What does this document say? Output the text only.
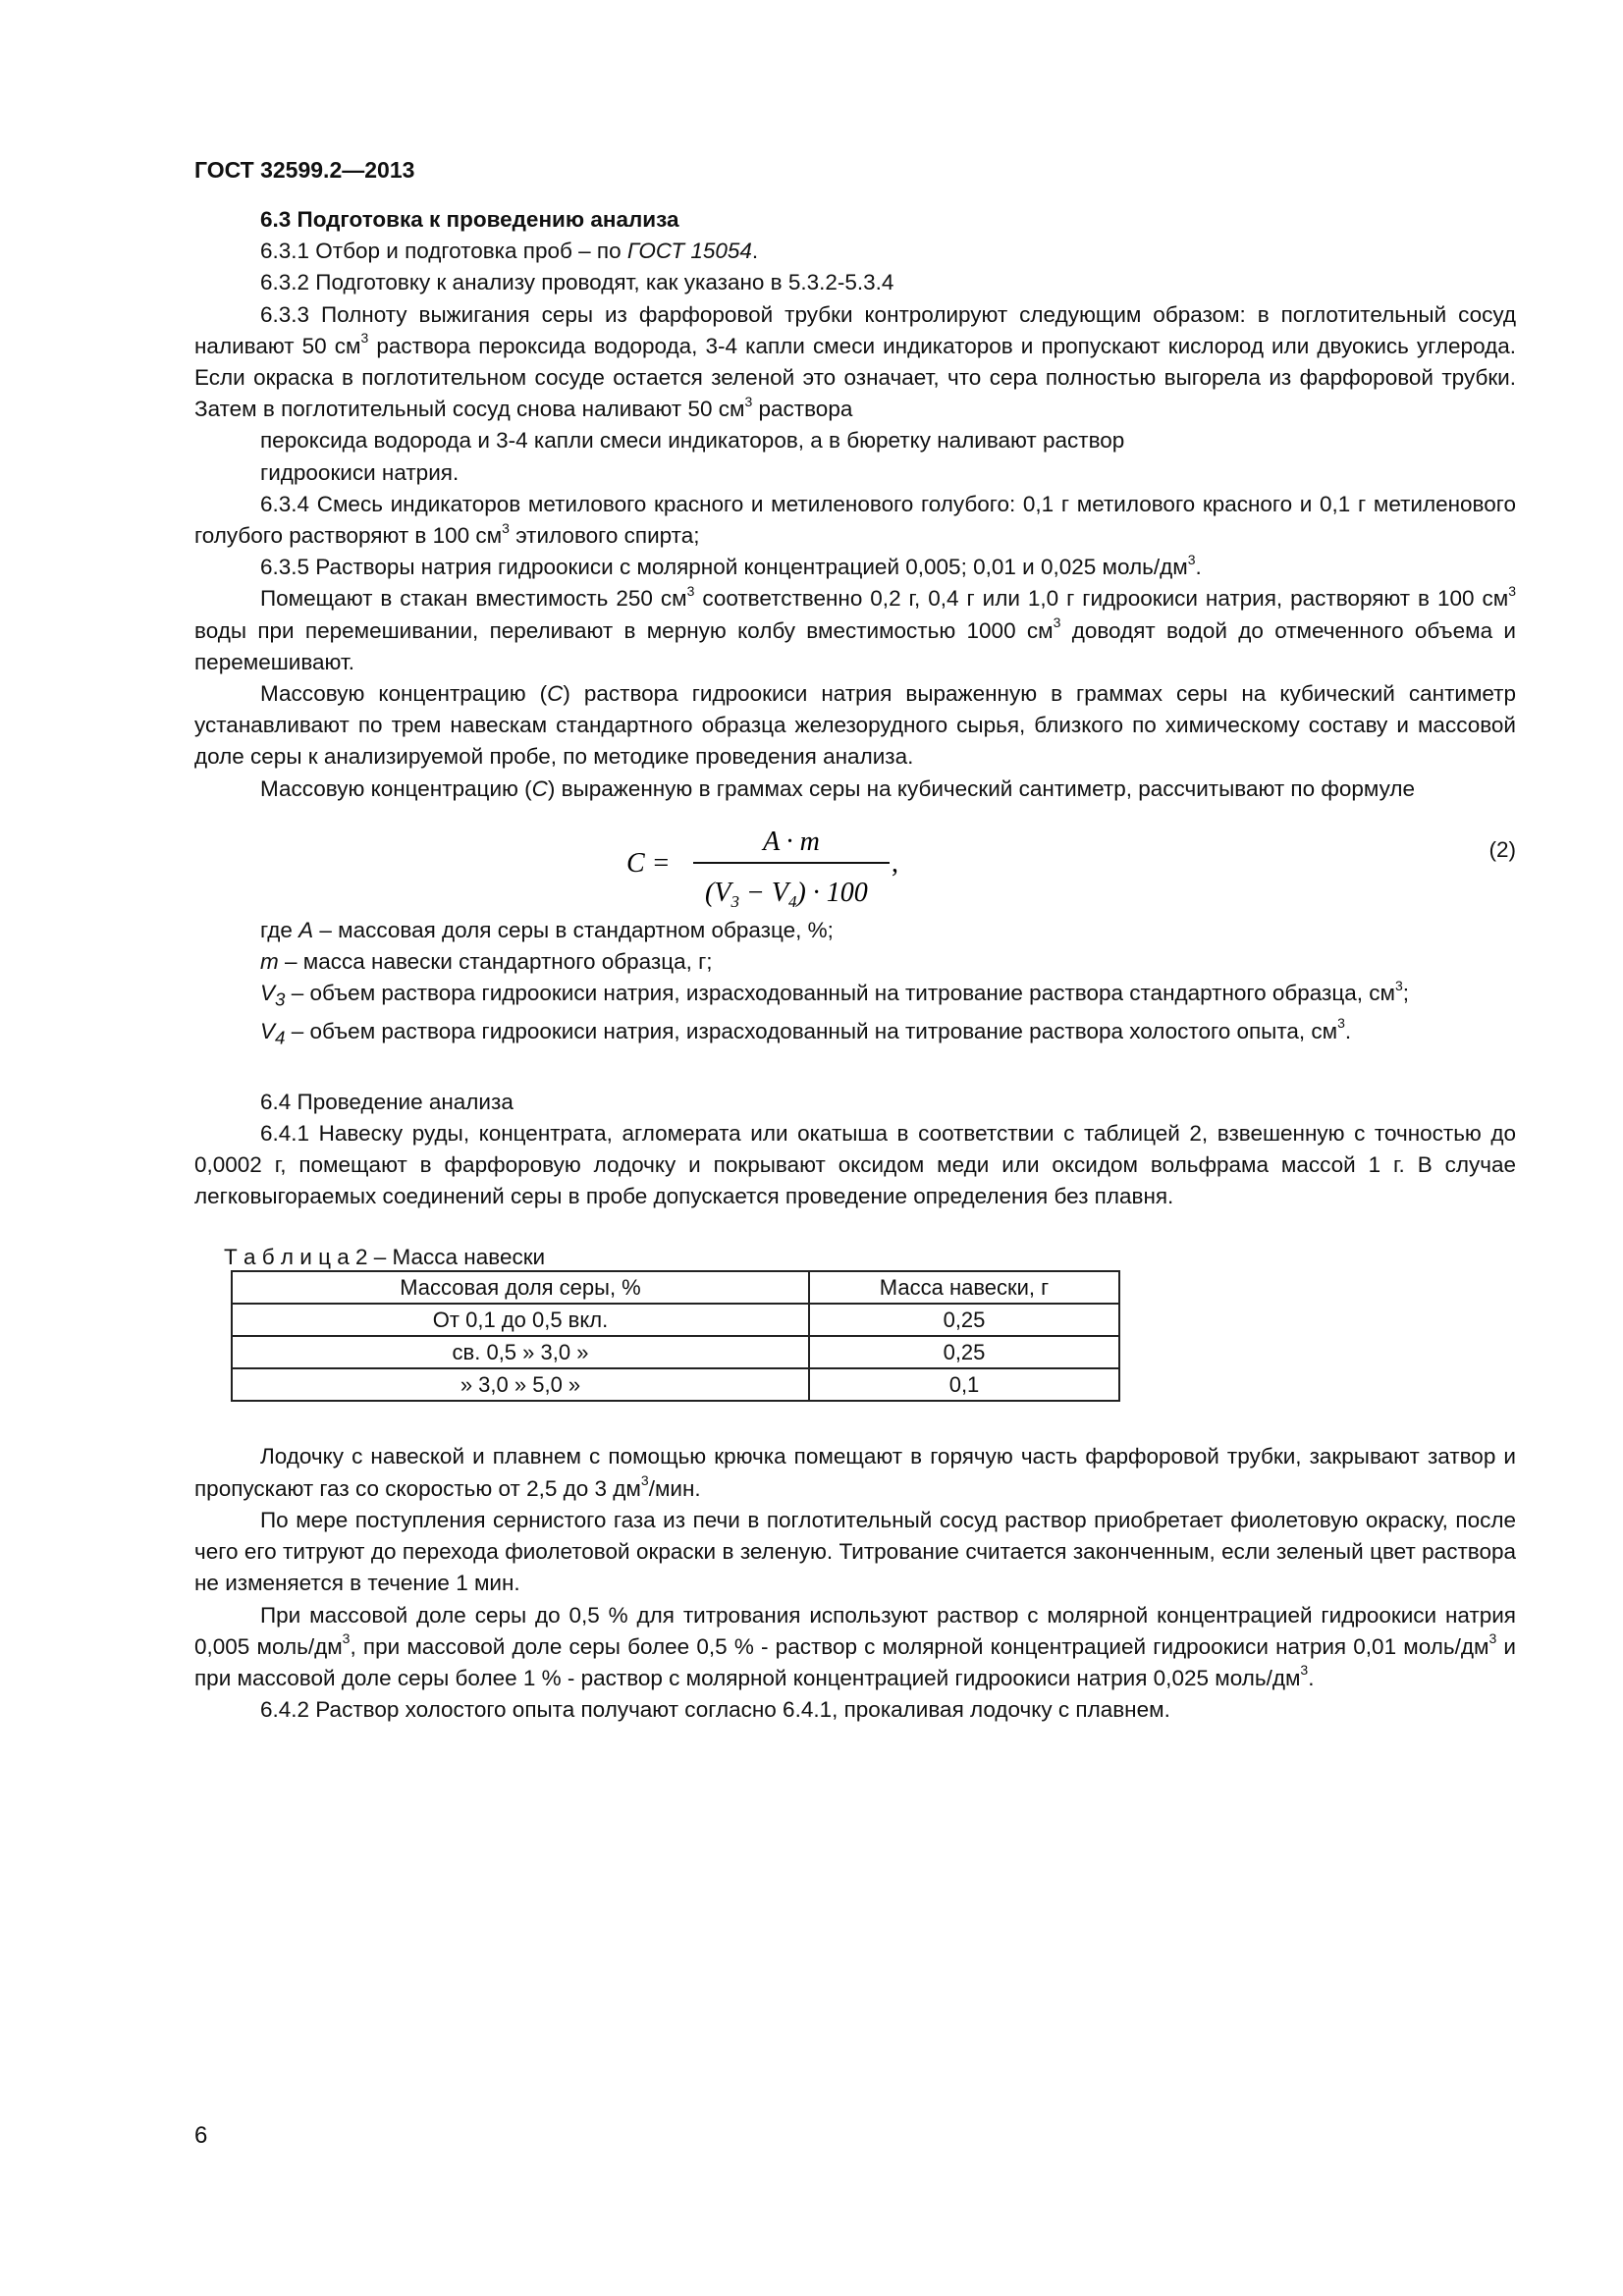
ГОСТ 32599.2—2013

6.3 Подготовка к проведению анализа

6.3.1 Отбор и подготовка проб – по ГОСТ 15054.

6.3.2 Подготовку к анализу проводят, как указано в 5.3.2-5.3.4

6.3.3 Полноту выжигания серы из фарфоровой трубки контролируют следующим образом: в поглотительный сосуд наливают 50 $см^3$ раствора пероксида водорода, 3-4 капли смеси индикаторов и пропускают кислород или двуокись углерода. Если окраска в поглотительном сосуде остается зеленой это означает, что сера полностью выгорела из фарфоровой трубки. Затем в поглотительный сосуд снова наливают 50 $см^3$ раствора

пероксида водорода и 3-4 капли смеси индикаторов, а в бюретку наливают раствор

гидроокиси натрия.

6.3.4 Смесь индикаторов метилового красного и метиленового голубого: 0,1 г метилового красного и 0,1 г метиленового голубого растворяют в 100 $см^3$ этилового спирта;

6.3.5 Растворы натрия гидроокиси с молярной концентрацией 0,005; 0,01 и 0,025 моль/$дм^3$.

Помещают в стакан вместимость 250 $см^3$ соответственно 0,2 г, 0,4 г или 1,0 г гидроокиси натрия, растворяют в 100 $см^3$ воды при перемешивании, переливают в мерную колбу вместимостью 1000 $см^3$ доводят водой до отмеченного объема и перемешивают.

Массовую концентрацию (C) раствора гидроокиси натрия выраженную в граммах серы на кубический сантиметр устанавливают по трем навескам стандартного образца железорудного сырья, близкого по химическому составу и массовой доле серы к анализируемой пробе, по методике проведения анализа.

Массовую концентрацию (C) выраженную в граммах серы на кубический сантиметр, рассчитывают по формуле

C =
A · m
$(V_3 - V_4) \cdot 100$
,	(2)

где A – массовая доля серы в стандартном образце, %;

m – масса навески стандартного образца, г;

$V_3$ – объем раствора гидроокиси натрия, израсходованный на титрование раствора стандартного образца, $см^3$;

$V_4$ – объем раствора гидроокиси натрия, израсходованный на титрование раствора холостого опыта, $см^3$.

6.4 Проведение анализа

6.4.1 Навеску руды, концентрата, агломерата или окатыша в соответствии с таблицей 2, взвешенную с точностью до 0,0002 г, помещают в фарфоровую лодочку и покрывают оксидом меди или оксидом вольфрама массой 1 г. В случае легковыгораемых соединений серы в пробе допускается проведение определения без плавня.

Т а б л и ц а 2 – Масса навески
Массовая доля серы, %	Масса навески, г
От 0,1 до 0,5 вкл.	0,25
св. 0,5 » 3,0 »	0,25
» 3,0 » 5,0 »	0,1

Лодочку с навеской и плавнем с помощью крючка помещают в горячую часть фарфоровой трубки, закрывают затвор и пропускают газ со скоростью от 2,5 до 3 $дм^3$/мин.

По мере поступления сернистого газа из печи в поглотительный сосуд раствор приобретает фиолетовую окраску, после чего его титруют до перехода фиолетовой окраски в зеленую. Титрование считается законченным, если зеленый цвет раствора не изменяется в течение 1 мин.

При массовой доле серы до 0,5 % для титрования используют раствор с молярной концентрацией гидроокиси натрия 0,005 моль/$дм^3$, при массовой доле серы более 0,5 % - раствор с молярной концентрацией гидроокиси натрия 0,01 моль/$дм^3$ и при массовой доле серы более 1 % - раствор с молярной концентрацией гидроокиси натрия 0,025 моль/$дм^3$.

6.4.2 Раствор холостого опыта получают согласно 6.4.1, прокаливая лодочку с плавнем.

6
